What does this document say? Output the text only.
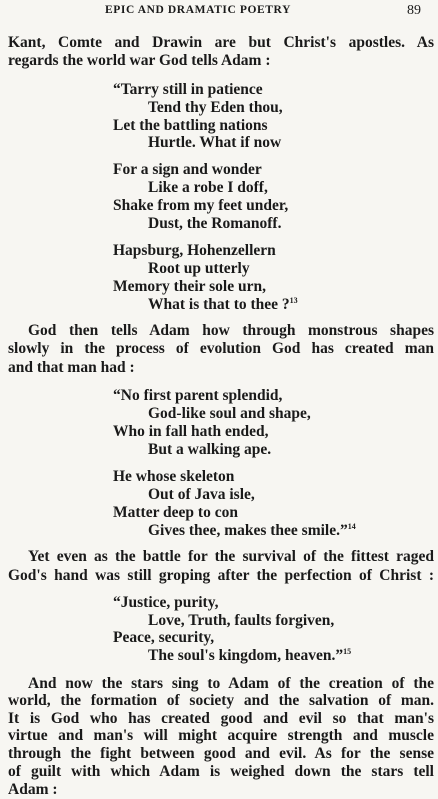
EPIC AND DRAMATIC POETRY	89
Kant, Comte and Drawin are but Christ's apostles. As
regards the world war God tells Adam :
“Tarry still in patience
Tend thy Eden thou,
Let the battling nations
Hurtle. What if now
For a sign and wonder
Like a robe I doff,
Shake from my feet under,
Dust, the Romanoff.
Hapsburg, Hohenzellern
Root up utterly
Memory their sole urn,
What is that to thee ?$^{13}$
God then tells Adam how through monstrous shapes
slowly in the process of evolution God has created man
and that man had :
“No first parent splendid,
God-like soul and shape,
Who in fall hath ended,
But a walking ape.
He whose skeleton
Out of Java isle,
Matter deep to con
Gives thee, makes thee smile.”$^{14}$
Yet even as the battle for the survival of the fittest raged
God's hand was still groping after the perfection of Christ :
“Justice, purity,
Love, Truth, faults forgiven,
Peace, security,
The soul's kingdom, heaven.”$^{15}$
And now the stars sing to Adam of the creation of the
world, the formation of society and the salvation of man.
It is God who has created good and evil so that man's
virtue and man's will might acquire strength and muscle
through the fight between good and evil. As for the sense
of guilt with which Adam is weighed down the stars tell
Adam :
